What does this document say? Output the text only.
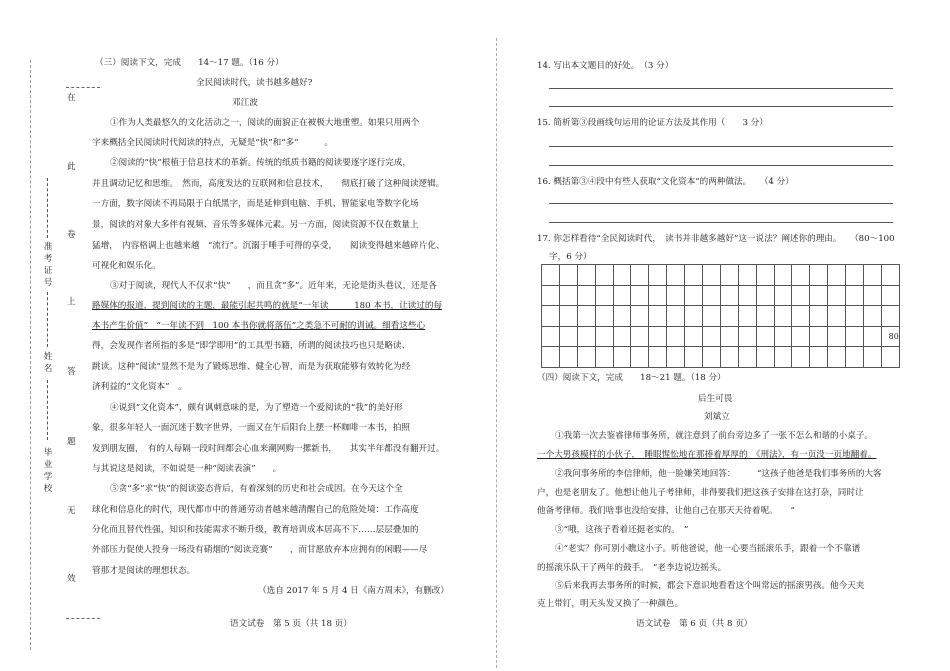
在
此
卷
上
答
题
无
效
准
考
证
号
姓
名
毕
业
学
校
（三）阅读下文，完成　　14～17 题。（16 分）
全民阅读时代，读书越多越好?
邓江波
①作为人类最悠久的文化活动之一，阅读的面貌正在被极大地重塑。如果只用两个
字来概括全民阅读时代阅读的特点，无疑是“快”和“多”　　　。
②阅读的“快”根植于信息技术的革新。传统的纸质书籍的阅读要逐字逐行完成，
并且调动记忆和思维。　然而，高度发达的互联网和信息技术，　　彻底打破了这种阅读逻辑。
一方面，数字阅读不再局限于白纸黑字，而是延伸到电脑、手机、智能家电等数字化场
景，阅读的对象大多伴有视频、音乐等多媒体元素。另一方面，阅读资源不仅在数量上
猛增，　内容格调上也越来越　“流行”。沉溺于唾手可得的享受，　　阅读变得越来越碎片化、
可视化和娱乐化。
③对于阅读，现代人不仅求“快”　　，而且贪“多”。近年来，无论是街头巷议，还是各
路媒体的报道，提到阅读的主题，最能引起共鸣的就是“一年读　　　180 本书，让读过的每
本书产生价值”　“一年读不到　100 本书你就将落伍”之类急不可耐的训诫。细看这些心
得，会发现作者所指的多是“即学即用”的工具型书籍，所谓的阅读技巧也只是略读、
跳读。这种“阅读”显然不是为了锻炼思维、健全心智，而是为获取能够有效转化为经
济利益的“文化资本”　。
④说到“文化资本”，颇有讽刺意味的是，为了塑造一个爱阅读的“我”的美好形
象，很多年轻人一面沉迷于数字世界，一面又在午后阳台上摆一杯咖啡一本书，拍照
发到朋友圈，　有的人每隔一段时间都会心血来潮网购一摞新书，　　其实半年都没有翻开过。
与其说这是阅读，不如说是一种“阅读表演”　　。
⑤贪“多”求“快”的阅读姿态背后，有着深刻的历史和社会成因。在今天这个全
球化和信息化的时代，现代都市中的普通劳动者越来越清醒自己的危险处境：工作高度
分化而且替代性强，知识和技能需求不断升级，教育培训成本居高不下……层层叠加的
外部压力促使人投身一场没有硝烟的“阅读竞赛”　　，而甘愿放弃本应拥有的闲暇——尽
管那才是阅读的理想状态。
（选自 2017 年 5 月 4 日《南方周末》，有删改）
语文试卷　第 5 页（共 18 页）
14. 写出本文题目的好处。　（3 分）
15. 简析第③段画线句运用的论证方法及其作用（　　3 分）
16. 概括第③④段中有些人获取“文化资本”的两种做法。　　（4 分）
17. 你怎样看待“全民阅读时代，　读书并非越多越好”这一说法？阐述你的理由。　　（80～100
字，6 分）

																			80

（四）阅读下文，完成　　18～21 题。（18 分）
后生可畏
刘斌立
①我第一次去鉴睿律师事务所，就注意到了前台旁边多了一张不怎么和谐的小桌子。
一个大男孩模样的小伙子，　睡眼惺忪地在那捧着厚厚的　《刑法》，有一页没一页地翻着。
②我问事务所的李信律师，他一脸嫌笑地回答：　　　“这孩子他爸是我们事务所的大客
户，也是老朋友了。他想让他儿子考律师，非得要我们把这孩子安排在这打杂，同时让
他备考律师。我们啥事也没给安排，让他自己在那天天待着呢。　　”
③“哦，这孩子看着还挺老实的。　”
④“老实？你可别小瞧这小子。听他爸说，他一心要当摇滚乐手，跟着一个不靠谱
的摇滚乐队干了两年的鼓手。　”老李边说边摇头。
⑤后来我再去事务所的时候，都会下意识地看看这个叫常远的摇滚男孩。他今天夹
克上带钉，明天头发又换了一种颜色。
语文试卷　第 6 页（共 8 页）
